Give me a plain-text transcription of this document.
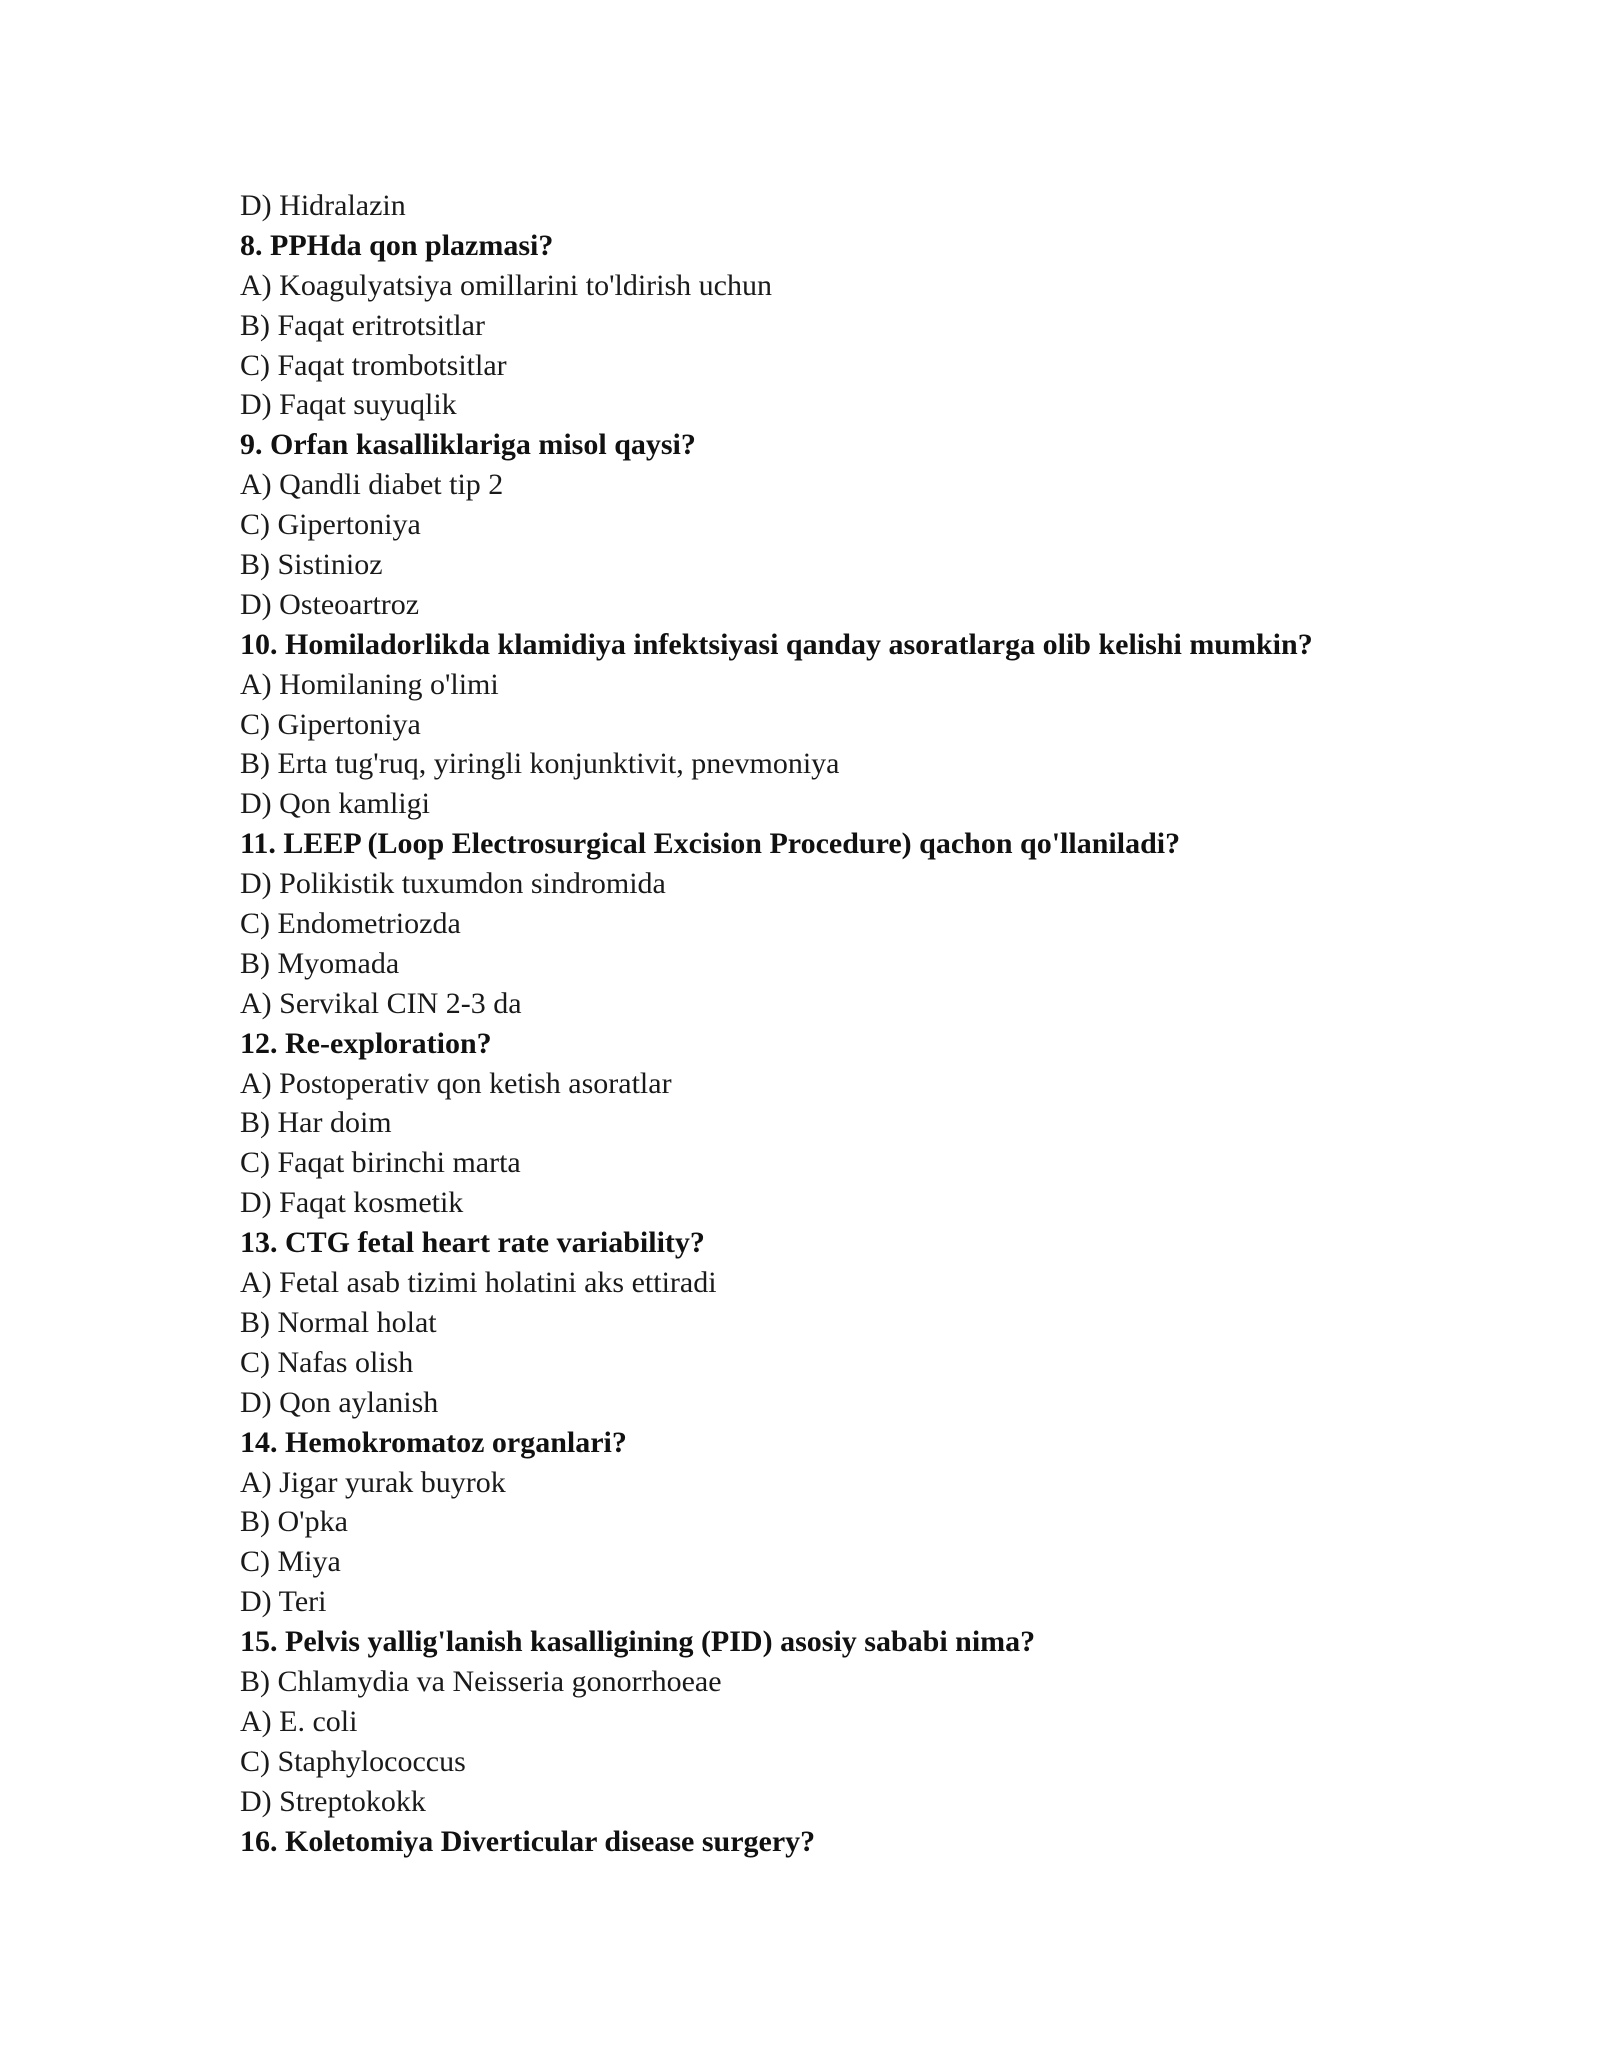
D) Hidralazin
8. PPHda qon plazmasi?
A) Koagulyatsiya omillarini to'ldirish uchun
B) Faqat eritrotsitlar
C) Faqat trombotsitlar
D) Faqat suyuqlik
9. Orfan kasalliklariga misol qaysi?
A) Qandli diabet tip 2
C) Gipertoniya
B) Sistinioz
D) Osteoartroz
10. Homiladorlikda klamidiya infektsiyasi qanday asoratlarga olib kelishi mumkin?
A) Homilaning o'limi
C) Gipertoniya
B) Erta tug'ruq, yiringli konjunktivit, pnevmoniya
D) Qon kamligi
11. LEEP (Loop Electrosurgical Excision Procedure) qachon qo'llaniladi?
D) Polikistik tuxumdon sindromida
C) Endometriozda
B) Myomada
A) Servikal CIN 2-3 da
12. Re-exploration?
A) Postoperativ qon ketish asoratlar
B) Har doim
C) Faqat birinchi marta
D) Faqat kosmetik
13. CTG fetal heart rate variability?
A) Fetal asab tizimi holatini aks ettiradi
B) Normal holat
C) Nafas olish
D) Qon aylanish
14. Hemokromatoz organlari?
A) Jigar yurak buyrok
B) O'pka
C) Miya
D) Teri
15. Pelvis yallig'lanish kasalligining (PID) asosiy sababi nima?
B) Chlamydia va Neisseria gonorrhoeae
A) E. coli
C) Staphylococcus
D) Streptokokk
16. Koletomiya Diverticular disease surgery?
